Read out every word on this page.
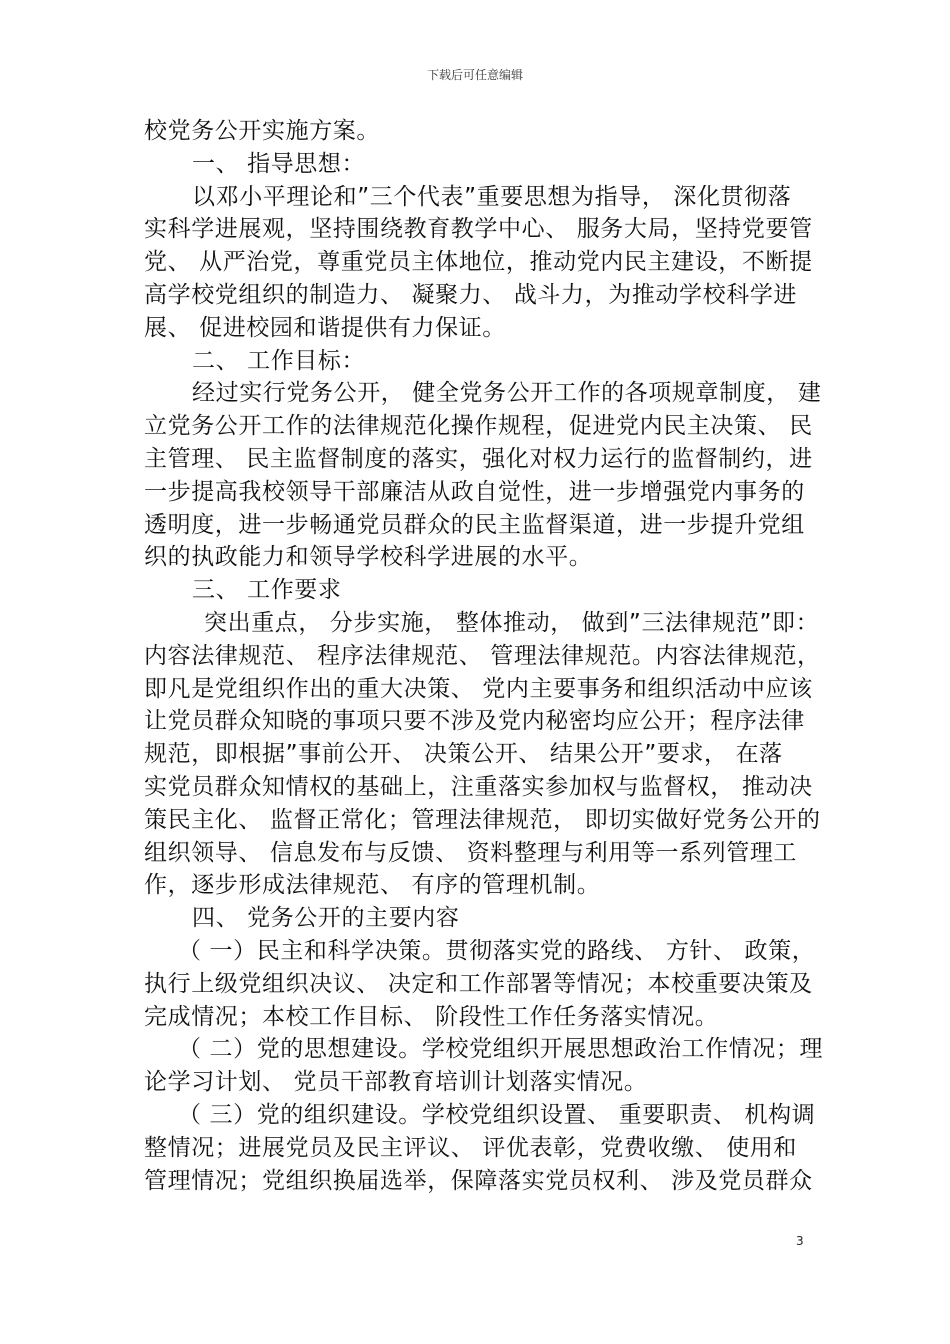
下载后可任意编辑
校党务公开实施方案。
一、 指导思想：
以邓小平理论和”三个代表”重要思想为指导， 深化贯彻落
实科学进展观，坚持围绕教育教学中心、 服务大局，坚持党要管
党、 从严治党，尊重党员主体地位，推动党内民主建设，不断提
高学校党组织的制造力、 凝聚力、 战斗力，为推动学校科学进
展、 促进校园和谐提供有力保证。
二、 工作目标：
经过实行党务公开， 健全党务公开工作的各项规章制度， 建
立党务公开工作的法律规范化操作规程，促进党内民主决策、 民
主管理、 民主监督制度的落实，强化对权力运行的监督制约，进
一步提高我校领导干部廉洁从政自觉性，进一步增强党内事务的
透明度，进一步畅通党员群众的民主监督渠道，进一步提升党组
织的执政能力和领导学校科学进展的水平。
三、 工作要求
突出重点， 分步实施， 整体推动， 做到”三法律规范”即：
内容法律规范、 程序法律规范、 管理法律规范。内容法律规范，
即凡是党组织作出的重大决策、 党内主要事务和组织活动中应该
让党员群众知晓的事项只要不涉及党内秘密均应公开；程序法律
规范，即根据”事前公开、 决策公开、 结果公开”要求， 在落
实党员群众知情权的基础上，注重落实参加权与监督权， 推动决
策民主化、 监督正常化；管理法律规范， 即切实做好党务公开的
组织领导、 信息发布与反馈、 资料整理与利用等一系列管理工
作，逐步形成法律规范、 有序的管理机制。
四、 党务公开的主要内容
（ 一）民主和科学决策。贯彻落实党的路线、 方针、 政策，
执行上级党组织决议、 决定和工作部署等情况；本校重要决策及
完成情况；本校工作目标、 阶段性工作任务落实情况。
（ 二）党的思想建设。学校党组织开展思想政治工作情况；理
论学习计划、 党员干部教育培训计划落实情况。
（ 三）党的组织建设。学校党组织设置、 重要职责、 机构调
整情况；进展党员及民主评议、 评优表彰，党费收缴、 使用和
管理情况；党组织换届选举，保障落实党员权利、 涉及党员群众
3
